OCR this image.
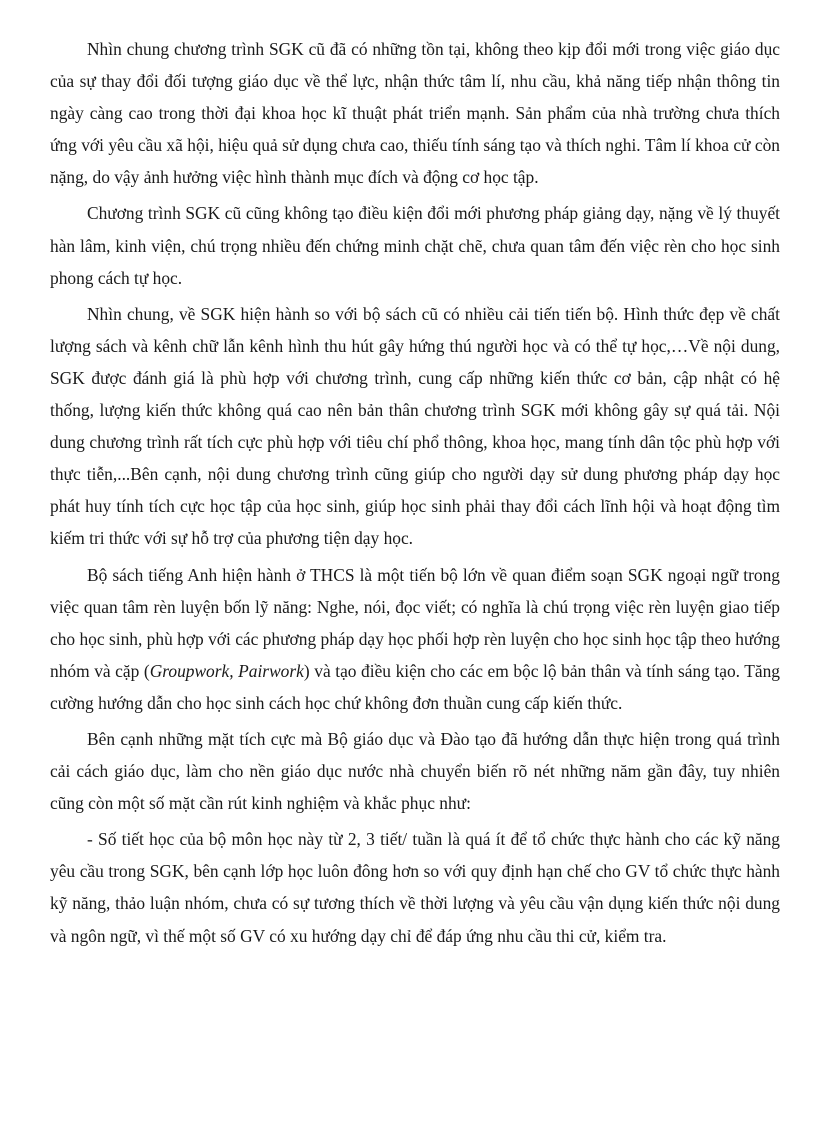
Nhìn chung chương trình SGK cũ đã có những tồn tại, không theo kịp đổi mới trong việc giáo dục của sự thay đổi đối tượng giáo dục về thể lực, nhận thức tâm lí, nhu cầu, khả năng tiếp nhận thông tin ngày càng cao trong thời đại khoa học kĩ thuật phát triển mạnh. Sản phẩm của nhà trường chưa thích ứng với yêu cầu xã hội, hiệu quả sử dụng chưa cao, thiếu tính sáng tạo và thích nghi. Tâm lí khoa cử còn nặng, do vậy ảnh hưởng việc hình thành mục đích và động cơ học tập.

Chương trình SGK cũ cũng không tạo điều kiện đổi mới phương pháp giảng dạy, nặng về lý thuyết hàn lâm, kinh viện, chú trọng nhiều đến chứng minh chặt chẽ, chưa quan tâm đến việc rèn cho học sinh phong cách tự học.

Nhìn chung, về SGK hiện hành so với bộ sách cũ có nhiều cải tiến tiến bộ. Hình thức đẹp về chất lượng sách và kênh chữ lẫn kênh hình thu hút gây hứng thú người học và có thể tự học,…Về nội dung, SGK được đánh giá là phù hợp với chương trình, cung cấp những kiến thức cơ bản, cập nhật có hệ thống, lượng kiến thức không quá cao nên bản thân chương trình SGK mới không gây sự quá tải. Nội dung chương trình rất tích cực phù hợp với tiêu chí phổ thông, khoa học, mang tính dân tộc phù hợp với thực tiễn,...Bên cạnh, nội dung chương trình cũng giúp cho người dạy sử dung phương pháp dạy học phát huy tính tích cực học tập của học sinh, giúp học sinh phải thay đổi cách lĩnh hội và hoạt động tìm kiếm tri thức với sự hỗ trợ của phương tiện dạy học.

Bộ sách tiếng Anh hiện hành ở THCS là một tiến bộ lớn về quan điểm soạn SGK ngoại ngữ trong việc quan tâm rèn luyện bốn lỹ năng: Nghe, nói, đọc viết; có nghĩa là chú trọng việc rèn luyện giao tiếp cho học sinh, phù hợp với các phương pháp dạy học phối hợp rèn luyện cho học sinh học tập theo hướng nhóm và cặp (Groupwork, Pairwork) và tạo điều kiện cho các em bộc lộ bản thân và tính sáng tạo. Tăng cường hướng dẫn cho học sinh cách học chứ không đơn thuần cung cấp kiến thức.

Bên cạnh những mặt tích cực mà Bộ giáo dục và Đào tạo đã hướng dẫn thực hiện trong quá trình cải cách giáo dục, làm cho nền giáo dục nước nhà chuyển biến rõ nét những năm gần đây, tuy nhiên cũng còn một số mặt cần rút kinh nghiệm và khắc phục như:

- Số tiết học của bộ môn học này từ 2, 3 tiết/ tuần là quá ít để tổ chức thực hành cho các kỹ năng yêu cầu trong SGK, bên cạnh lớp học luôn đông hơn so với quy định hạn chế cho GV tổ chức thực hành kỹ năng, thảo luận nhóm, chưa có sự tương thích về thời lượng và yêu cầu vận dụng kiến thức nội dung và ngôn ngữ, vì thế một số GV có xu hướng dạy chỉ để đáp ứng nhu cầu thi cử, kiểm tra.
